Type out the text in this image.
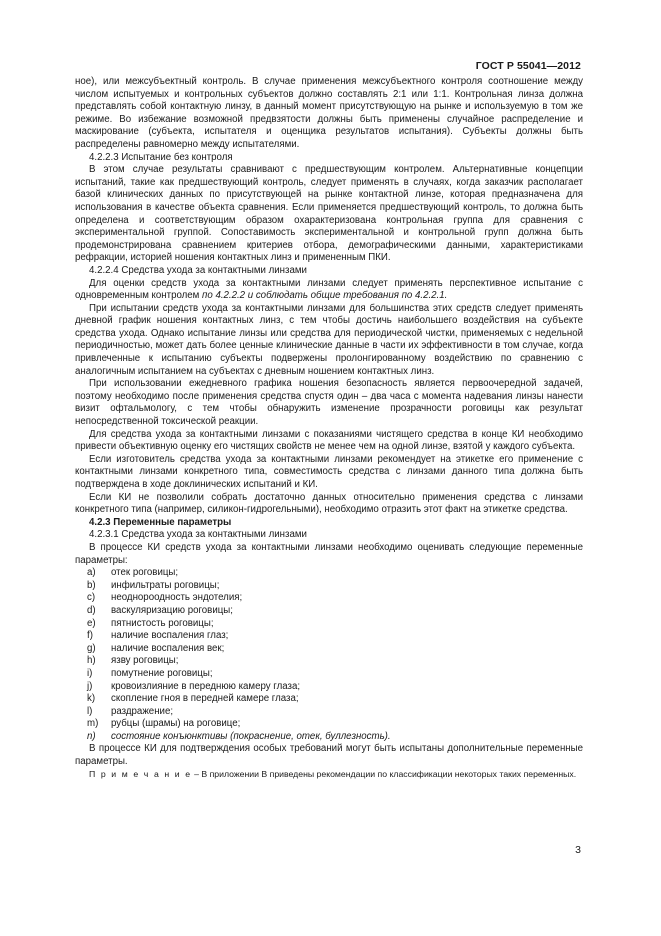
ГОСТ Р 55041—2012

ное), или межсубъектный контроль. В случае применения межсубъектного контроля соотношение между числом испытуемых и контрольных субъектов должно составлять 2:1 или 1:1. Контрольная линза должна представлять собой контактную линзу, в данный момент присутствующую на рынке и используемую в том же режиме. Во избежание возможной предвзятости должны быть применены случайное распределение и маскирование (субъекта, испытателя и оценщика результатов испытания). Субъекты должны быть распределены равномерно между испытателями.

4.2.2.3 Испытание без контроля

В этом случае результаты сравнивают с предшествующим контролем. Альтернативные концепции испытаний, такие как предшествующий контроль, следует применять в случаях, когда заказчик располагает базой клинических данных по присутствующей на рынке контактной линзе, которая предназначена для использования в качестве объекта сравнения. Если применяется предшествующий контроль, то должна быть определена и соответствующим образом охарактеризована контрольная группа для сравнения с экспериментальной группой. Сопоставимость экспериментальной и контрольной групп должна быть продемонстрирована сравнением критериев отбора, демографическими данными, характеристиками рефракции, историей ношения контактных линз и примененным ПКИ.

4.2.2.4 Средства ухода за контактными линзами

Для оценки средств ухода за контактными линзами следует применять перспективное испытание с одновременным контролем по 4.2.2.2 и соблюдать общие требования по 4.2.2.1.

При испытании средств ухода за контактными линзами для большинства этих средств следует применять дневной график ношения контактных линз, с тем чтобы достичь наибольшего воздействия на субъекте средства ухода. Однако испытание линзы или средства для периодической чистки, применяемых с недельной периодичностью, может дать более ценные клинические данные в части их эффективности в том случае, когда привлеченные к испытанию субъекты подвержены пролонгированному воздействию по сравнению с аналогичным испытанием на субъектах с дневным ношением контактных линз.

При использовании ежедневного графика ношения безопасность является первоочередной задачей, поэтому необходимо после применения средства спустя один – два часа с момента надевания линзы нанести визит офтальмологу, с тем чтобы обнаружить изменение прозрачности роговицы как результат непосредственной токсической реакции.

Для средства ухода за контактными линзами с показаниями чистящего средства в конце КИ необходимо привести объективную оценку его чистящих свойств не менее чем на одной линзе, взятой у каждого субъекта.

Если изготовитель средства ухода за контактными линзами рекомендует на этикетке его применение с контактными линзами конкретного типа, совместимость средства с линзами данного типа должна быть подтверждена в ходе доклинических испытаний и КИ.

Если КИ не позволили собрать достаточно данных относительно применения средства с линзами конкретного типа (например, силикон-гидрогельными), необходимо отразить этот факт на этикетке средства.

4.2.3 Переменные параметры

4.2.3.1 Средства ухода за контактными линзами

В процессе КИ средств ухода за контактными линзами необходимо оценивать следующие переменные параметры:

a)	отек роговицы;
b)	инфильтраты роговицы;
c)	неоднороодность эндотелия;
d)	васкуляризацию роговицы;
e)	пятнистость роговицы;
f)	наличие воспаления глаз;
g)	наличие воспаления век;
h)	язву роговицы;
i)	помутнение роговицы;
j)	кровоизлияние в переднюю камеру глаза;
k)	скопление гноя в передней камере глаза;
l)	раздражение;
m)	рубцы (шрамы) на роговице;
n)	состояние конъюнктивы (покраснение, отек, буллезность).

В процессе КИ для подтверждения особых требований могут быть испытаны дополнительные переменные параметры.

П р и м е ч а н и е – В приложении В приведены рекомендации по классификации некоторых таких переменных.

3
